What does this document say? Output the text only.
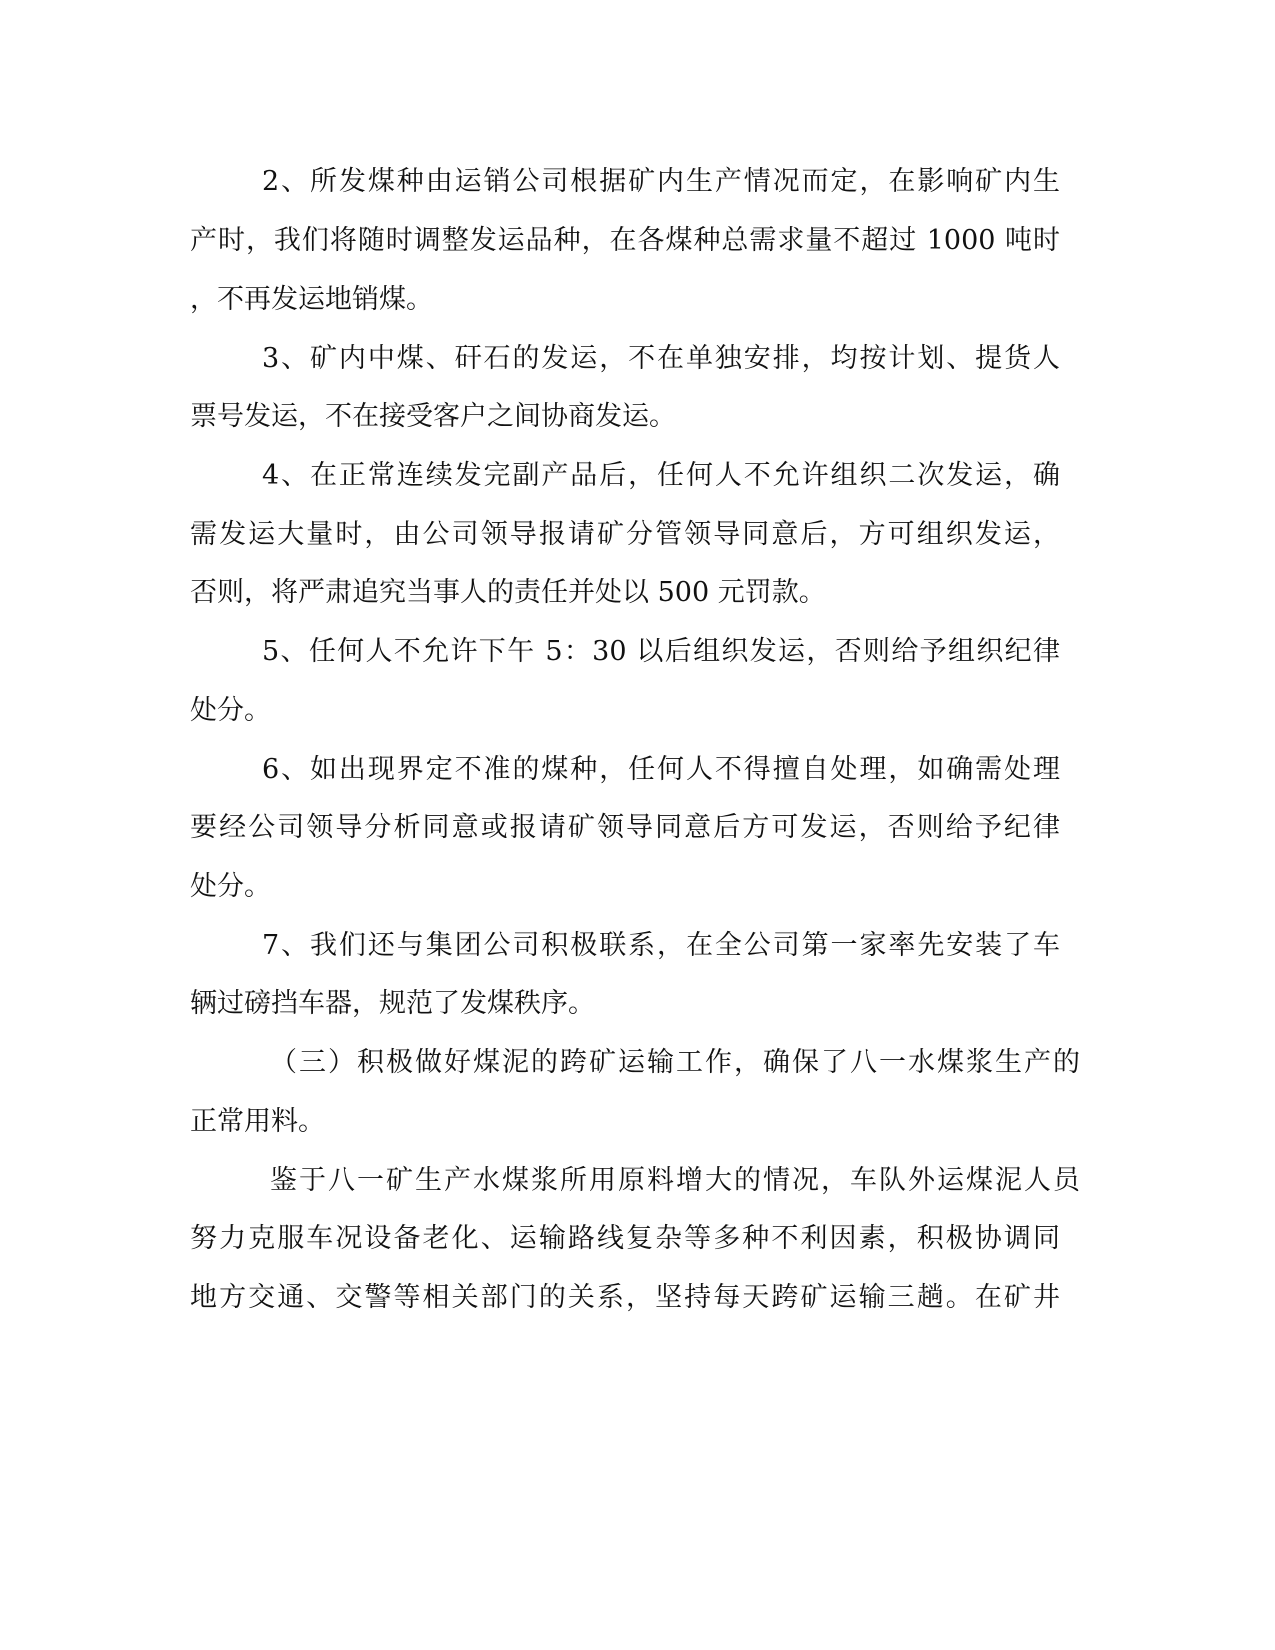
2、所发煤种由运销公司根据矿内生产情况而定，在影响矿内生
产时，我们将随时调整发运品种，在各煤种总需求量不超过 1000 吨时
，不再发运地销煤。
3、矿内中煤、矸石的发运，不在单独安排，均按计划、提货人
票号发运，不在接受客户之间协商发运。
4、在正常连续发完副产品后，任何人不允许组织二次发运，确
需发运大量时，由公司领导报请矿分管领导同意后，方可组织发运，
否则，将严肃追究当事人的责任并处以 500 元罚款。
5、任何人不允许下午 5：30 以后组织发运，否则给予组织纪律
处分。
6、如出现界定不准的煤种，任何人不得擅自处理，如确需处理
要经公司领导分析同意或报请矿领导同意后方可发运，否则给予纪律
处分。
7、我们还与集团公司积极联系，在全公司第一家率先安装了车
辆过磅挡车器，规范了发煤秩序。
（三）积极做好煤泥的跨矿运输工作，确保了八一水煤浆生产的
正常用料。
鉴于八一矿生产水煤浆所用原料增大的情况，车队外运煤泥人员
努力克服车况设备老化、运输路线复杂等多种不利因素，积极协调同
地方交通、交警等相关部门的关系，坚持每天跨矿运输三趟。在矿井
